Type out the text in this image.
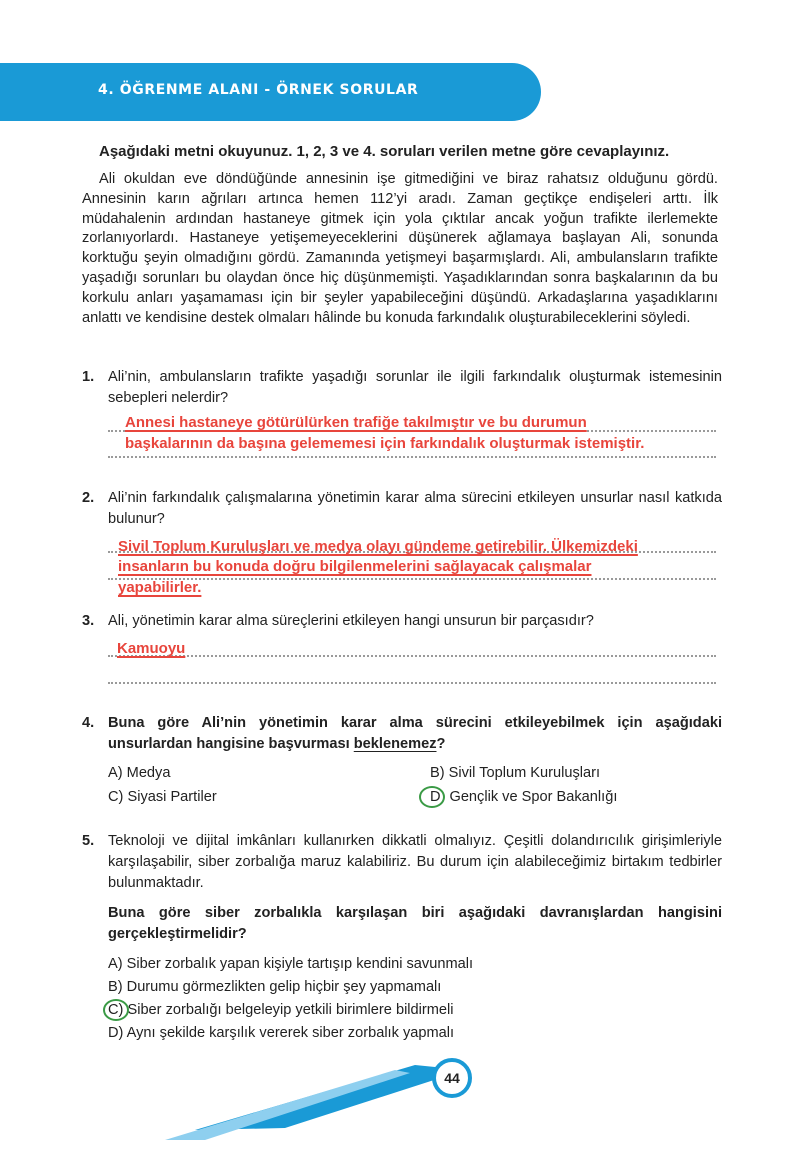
4. ÖĞRENME ALANI - ÖRNEK SORULAR
Aşağıdaki metni okuyunuz. 1, 2, 3 ve 4. soruları verilen metne göre cevaplayınız.
Ali okuldan eve döndüğünde annesinin işe gitmediğini ve biraz rahatsız olduğunu gördü. Annesinin karın ağrıları artınca hemen 112’yi aradı. Zaman geçtikçe endişeleri arttı. İlk müdahalenin ardından hastaneye gitmek için yola çıktılar ancak yoğun trafikte ilerlemekte zorlanıyorlardı. Hastaneye yetişemeyeceklerini düşünerek ağlamaya başlayan Ali, sonunda korktuğu şeyin olmadığını gördü. Zamanında yetişmeyi başarmışlardı. Ali, ambulansların trafikte yaşadığı sorunları bu olaydan önce hiç düşünmemişti. Yaşadıklarından sonra başkalarının da bu korkulu anları yaşamaması için bir şeyler yapabileceğini düşündü. Arkadaşlarına yaşadıklarını anlattı ve kendisine destek olmaları hâlinde bu konuda farkındalık oluşturabileceklerini söyledi.
1. Ali’nin, ambulansların trafikte yaşadığı sorunlar ile ilgili farkındalık oluşturmak istemesinin sebepleri nelerdir?
Annesi hastaneye götürülürken trafiğe takılmıştır ve bu durumun
başkalarının da başına gelememesi için farkındalık oluşturmak istemiştir.
2. Ali’nin farkındalık çalışmalarına yönetimin karar alma sürecini etkileyen unsurlar nasıl katkıda bulunur?
Sivil Toplum Kuruluşları ve medya olayı gündeme getirebilir. Ülkemizdeki
insanların bu konuda doğru bilgilenmelerini sağlayacak çalışmalar
yapabilirler.
3. Ali, yönetimin karar alma süreçlerini etkileyen hangi unsurun bir parçasıdır?
Kamuoyu
4. Buna göre Ali’nin yönetimin karar alma sürecini etkileyebilmek için aşağıdaki unsurlardan hangisine başvurması beklenemez?
A) Medya	B) Sivil Toplum Kuruluşları
C) Siyasi Partiler	D) Gençlik ve Spor Bakanlığı
5. Teknoloji ve dijital imkânları kullanırken dikkatli olmalıyız. Çeşitli dolandırıcılık girişimleriyle karşılaşabilir, siber zorbalığa maruz kalabiliriz. Bu durum için alabileceğimiz birtakım tedbirler bulunmaktadır.
Buna göre siber zorbalıkla karşılaşan biri aşağıdaki davranışlardan hangisini gerçekleştirmelidir?
A) Siber zorbalık yapan kişiyle tartışıp kendini savunmalı
B) Durumu görmezlikten gelip hiçbir şey yapmamalı
C) Siber zorbalığı belgeleyip yetkili birimlere bildirmeli
D) Aynı şekilde karşılık vererek siber zorbalık yapmalı
44
